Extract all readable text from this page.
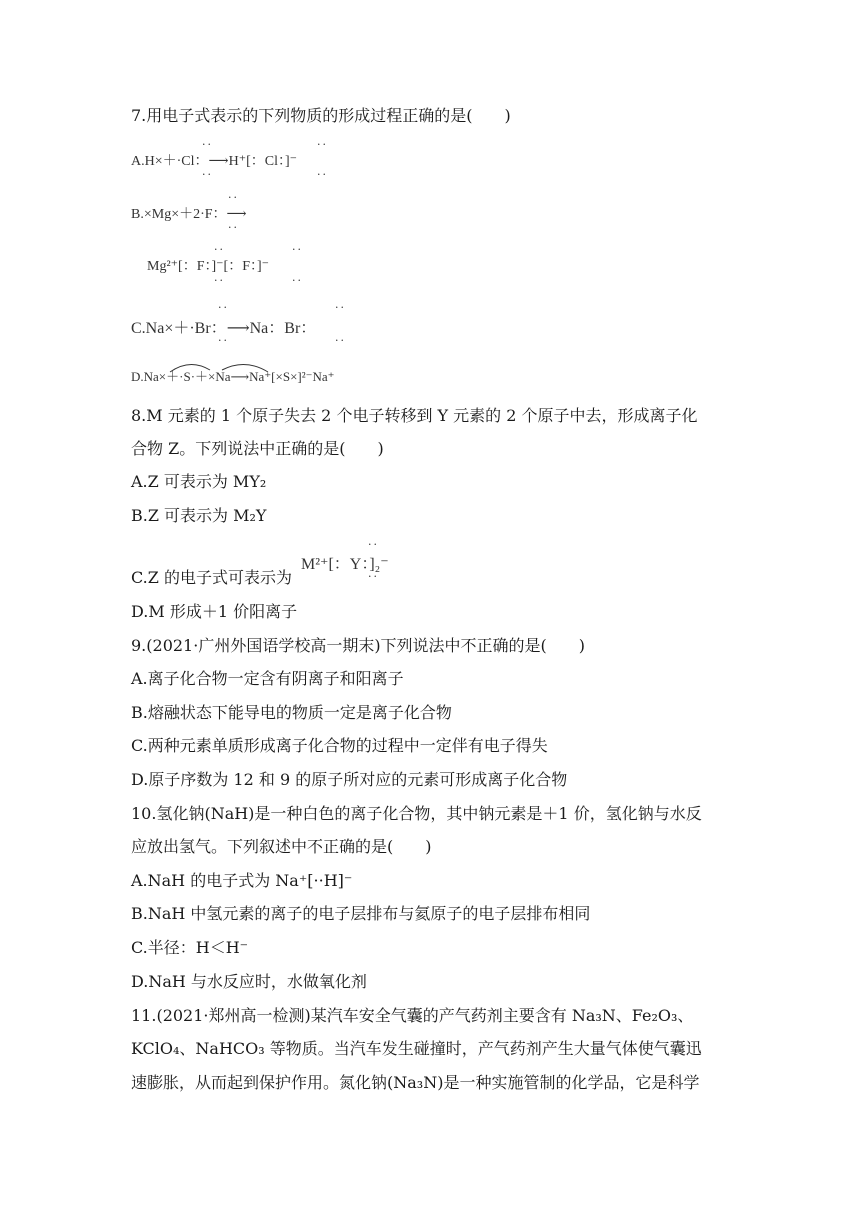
7.用电子式表示的下列物质的形成过程正确的是(　　)
··
··
··
··
A.H×＋·Cl：⟶H⁺[：Cl：]⁻
··
··
B.×Mg×＋2·F：⟶
··
··
··
··
Mg²⁺[：F：]⁻[：F：]⁻
··
··
··
··
C.Na×＋·Br：⟶Na：Br：
D.Na×＋·S·＋×Na⟶Na⁺[×S×]²⁻Na⁺
8.M 元素的 1 个原子失去 2 个电子转移到 Y 元素的 2 个原子中去，形成离子化
合物 Z。下列说法中正确的是(　　)
A.Z 可表示为 MY₂
B.Z 可表示为 M₂Y
C.Z 的电子式可表示为
··
··
M²⁺[：Y：]₂⁻
D.M 形成＋1 价阳离子
9.(2021·广州外国语学校高一期末)下列说法中不正确的是(　　)
A.离子化合物一定含有阴离子和阳离子
B.熔融状态下能导电的物质一定是离子化合物
C.两种元素单质形成离子化合物的过程中一定伴有电子得失
D.原子序数为 12 和 9 的原子所对应的元素可形成离子化合物
10.氢化钠(NaH)是一种白色的离子化合物，其中钠元素是＋1 价，氢化钠与水反
应放出氢气。下列叙述中不正确的是(　　)
A.NaH 的电子式为 Na⁺[··H]⁻
B.NaH 中氢元素的离子的电子层排布与氦原子的电子层排布相同
C.半径：H＜H⁻
D.NaH 与水反应时，水做氧化剂
11.(2021·郑州高一检测)某汽车安全气囊的产气药剂主要含有 Na₃N、Fe₂O₃、
KClO₄、NaHCO₃ 等物质。当汽车发生碰撞时，产气药剂产生大量气体使气囊迅
速膨胀，从而起到保护作用。氮化钠(Na₃N)是一种实施管制的化学品，它是科学
